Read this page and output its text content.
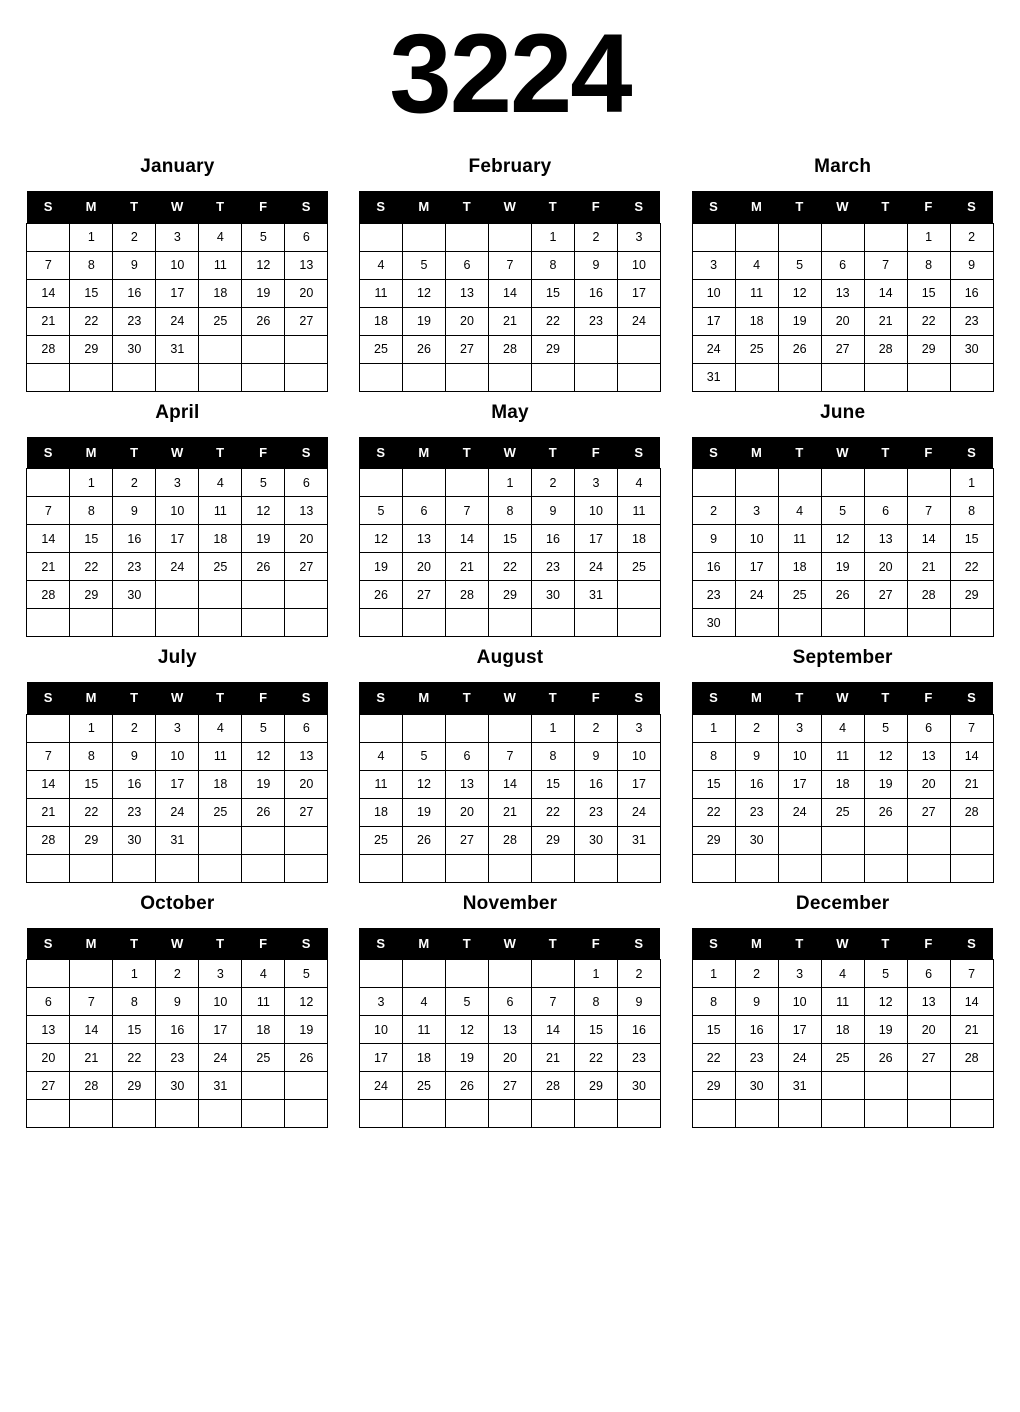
3224
January
S	M	T	W	T	F	S
	1	2	3	4	5	6
7	8	9	10	11	12	13
14	15	16	17	18	19	20
21	22	23	24	25	26	27
28	29	30	31			

February
S	M	T	W	T	F	S
				1	2	3
4	5	6	7	8	9	10
11	12	13	14	15	16	17
18	19	20	21	22	23	24
25	26	27	28	29		

March
S	M	T	W	T	F	S
					1	2
3	4	5	6	7	8	9
10	11	12	13	14	15	16
17	18	19	20	21	22	23
24	25	26	27	28	29	30
31						
April
S	M	T	W	T	F	S
	1	2	3	4	5	6
7	8	9	10	11	12	13
14	15	16	17	18	19	20
21	22	23	24	25	26	27
28	29	30				

May
S	M	T	W	T	F	S
			1	2	3	4
5	6	7	8	9	10	11
12	13	14	15	16	17	18
19	20	21	22	23	24	25
26	27	28	29	30	31	

June
S	M	T	W	T	F	S
						1
2	3	4	5	6	7	8
9	10	11	12	13	14	15
16	17	18	19	20	21	22
23	24	25	26	27	28	29
30						
July
S	M	T	W	T	F	S
	1	2	3	4	5	6
7	8	9	10	11	12	13
14	15	16	17	18	19	20
21	22	23	24	25	26	27
28	29	30	31			

August
S	M	T	W	T	F	S
				1	2	3
4	5	6	7	8	9	10
11	12	13	14	15	16	17
18	19	20	21	22	23	24
25	26	27	28	29	30	31

September
S	M	T	W	T	F	S
1	2	3	4	5	6	7
8	9	10	11	12	13	14
15	16	17	18	19	20	21
22	23	24	25	26	27	28
29	30					

October
S	M	T	W	T	F	S
		1	2	3	4	5
6	7	8	9	10	11	12
13	14	15	16	17	18	19
20	21	22	23	24	25	26
27	28	29	30	31		

November
S	M	T	W	T	F	S
					1	2
3	4	5	6	7	8	9
10	11	12	13	14	15	16
17	18	19	20	21	22	23
24	25	26	27	28	29	30

December
S	M	T	W	T	F	S
1	2	3	4	5	6	7
8	9	10	11	12	13	14
15	16	17	18	19	20	21
22	23	24	25	26	27	28
29	30	31				
